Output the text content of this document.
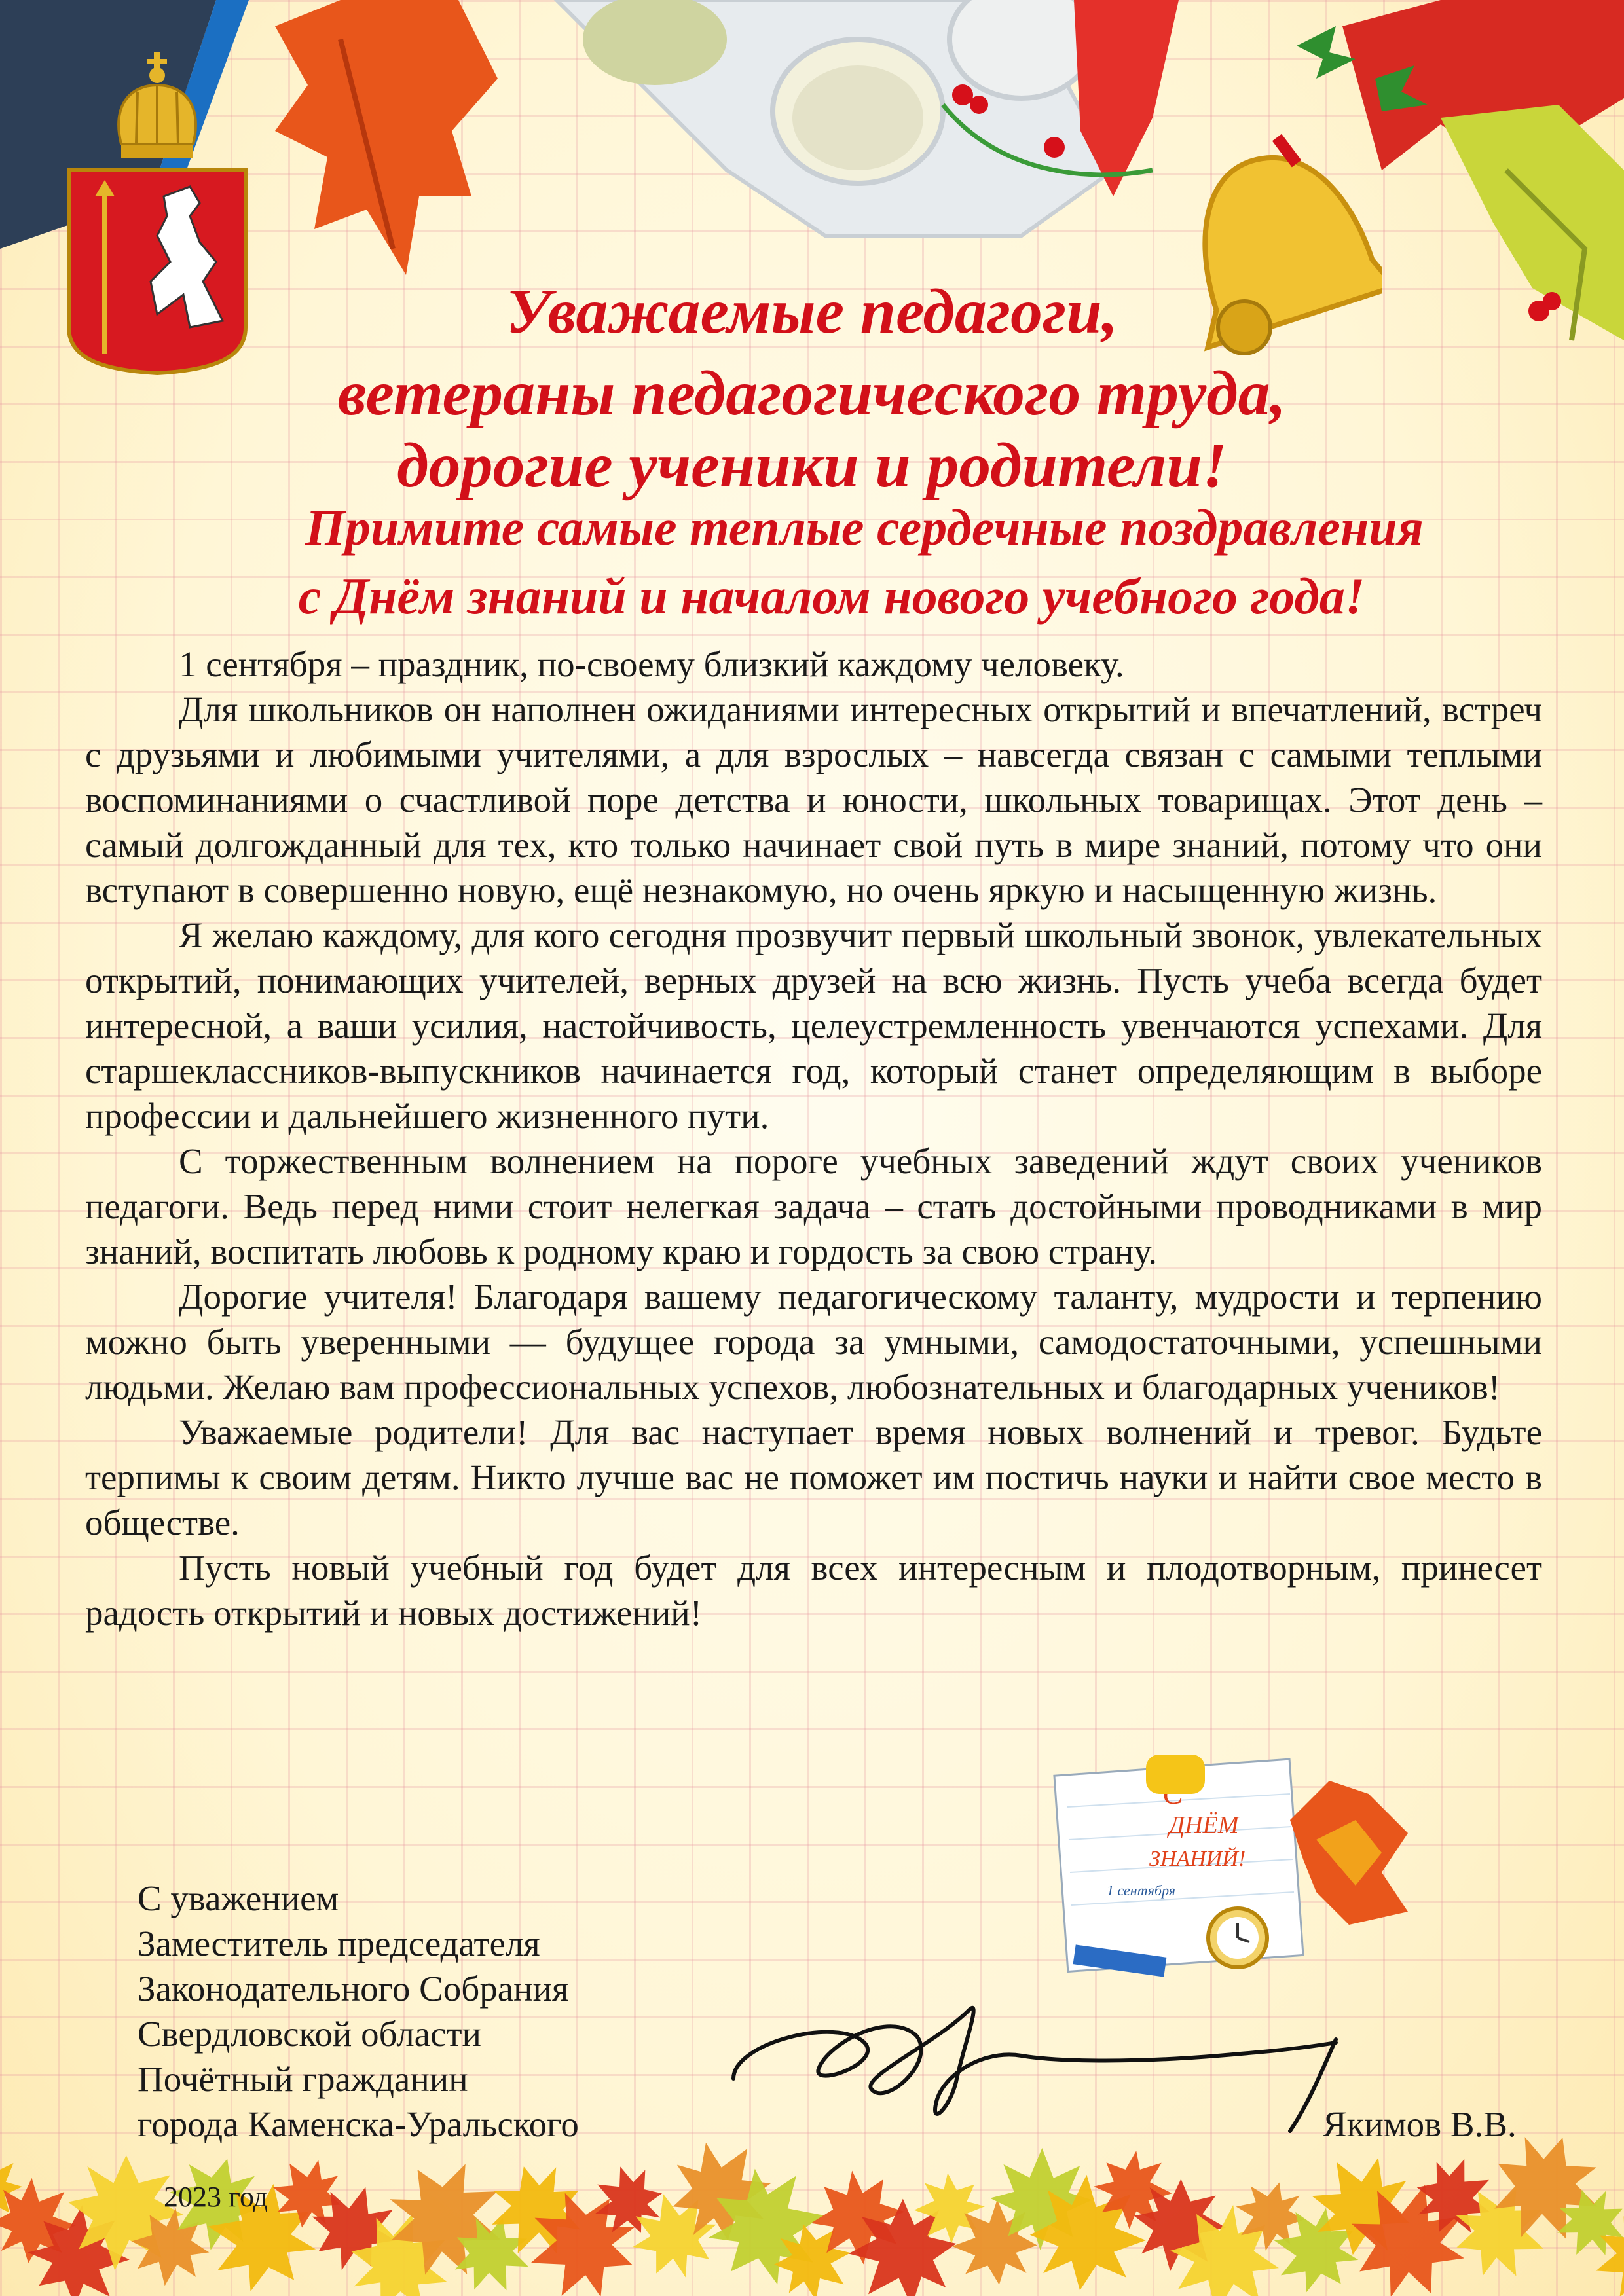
Уважаемые педагоги,
ветераны педагогического труда,
дорогие ученики и родители!
Примите самые теплые сердечные поздравления
с Днём знаний и началом нового учебного года!

1 сентября – праздник, по-своему близкий каждому человеку.

Для школьников он наполнен ожиданиями интересных открытий и впечатлений, встреч с друзьями и любимыми учителями, а для взрослых – навсегда связан с самыми теплыми воспоминаниями о счастливой поре детства и юности, школьных товарищах. Этот день – самый долгожданный для тех, кто только начинает свой путь в мире знаний, потому что они вступают в совершенно новую, ещё незнакомую, но очень яркую и насыщенную жизнь.

Я желаю каждому, для кого сегодня прозвучит первый школьный звонок, увлекательных открытий, понимающих учителей, верных друзей на всю жизнь. Пусть учеба всегда будет интересной, а ваши усилия, настойчивость, целеустремленность увенчаются успехами. Для старшеклассников-выпускников начинается год, который станет определяющим в выборе профессии и дальнейшего жизненного пути.

С торжественным волнением на пороге учебных заведений ждут своих учеников педагоги. Ведь перед ними стоит нелегкая задача – стать достойными проводниками в мир знаний, воспитать любовь к родному краю и гордость за свою страну.

Дорогие учителя! Благодаря вашему педагогическому таланту, мудрости и терпению можно быть уверенными — будущее города за умными, самодостаточными, успешными людьми. Желаю вам профессиональных успехов, любознательных и благодарных учеников!

Уважаемые родители! Для вас наступает время новых волнений и тревог. Будьте терпимы к своим детям. Никто лучше вас не поможет им постичь науки и найти свое место в обществе.

Пусть новый учебный год будет для всех интересным и плодотворным, принесет радость открытий и новых достижений!

ДНЁМ
ЗНАНИЙ!
1 сентября
С уважением
Заместитель председателя
Законодательного Собрания
Свердловской области
Почётный гражданин
города Каменска-Уральского	Якимов В.В.
2023 год
